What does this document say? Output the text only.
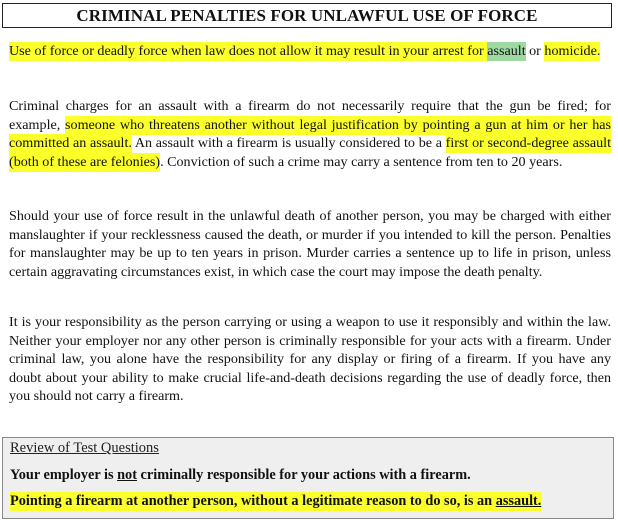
CRIMINAL PENALTIES FOR UNLAWFUL USE OF FORCE

Use of force or deadly force when law does not allow it may result in your arrest for assault or homicide.

Criminal charges for an assault with a firearm do not necessarily require that the gun be fired; for example, someone who threatens another without legal justification by pointing a gun at him or her has committed an assault. An assault with a firearm is usually considered to be a first or second-degree assault (both of these are felonies). Conviction of such a crime may carry a sentence from ten to 20 years.

Should your use of force result in the unlawful death of another person, you may be charged with either manslaughter if your recklessness caused the death, or murder if you intended to kill the person. Penalties for manslaughter may be up to ten years in prison. Murder carries a sentence up to life in prison, unless certain aggravating circumstances exist, in which case the court may impose the death penalty.

It is your responsibility as the person carrying or using a weapon to use it responsibly and within the law. Neither your employer nor any other person is criminally responsible for your acts with a firearm. Under criminal law, you alone have the responsibility for any display or firing of a firearm. If you have any doubt about your ability to make crucial life-and-death decisions regarding the use of deadly force, then you should not carry a firearm.

Review of Test Questions
Your employer is not criminally responsible for your actions with a firearm.
Pointing a firearm at another person, without a legitimate reason to do so, is an assault.
